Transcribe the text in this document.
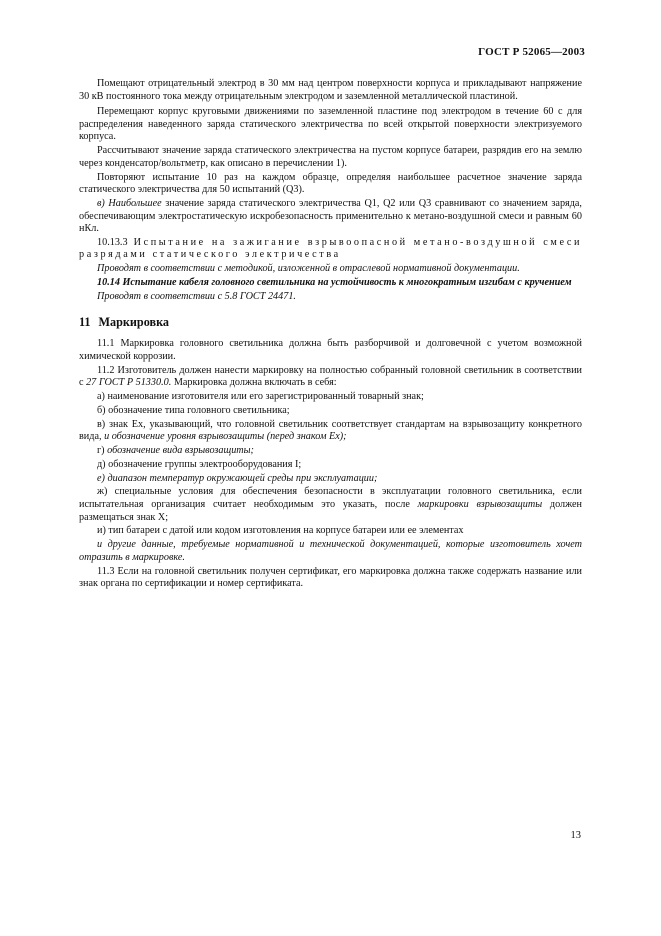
ГОСТ Р 52065—2003

Помещают отрицательный электрод в 30 мм над центром поверхности корпуса и прикладывают напряжение 30 кВ постоянного тока между отрицательным электродом и заземленной металлической пластиной.

Перемещают корпус круговыми движениями по заземленной пластине под электродом в течение 60 с для распределения наведенного заряда статического электричества по всей открытой поверхности электризуемого корпуса.

Рассчитывают значение заряда статического электричества на пустом корпусе батареи, разрядив его на землю через конденсатор/вольтметр, как описано в перечислении 1).

Повторяют испытание 10 раз на каждом образце, определяя наибольшее расчетное значение заряда статического электричества для 50 испытаний (Q3).

в) Наибольшее значение заряда статического электричества Q1, Q2 или Q3 сравнивают со значением заряда, обеспечивающим электростатическую искробезопасность применительно к метано-воздушной смеси и равным 60 нКл.

10.13.3 Испытание на зажигание взрывоопасной метано-воздушной смеси разрядами статического электричества

Проводят в соответствии с методикой, изложенной в отраслевой нормативной документации.

10.14 Испытание кабеля головного светильника на устойчивость к многократным изгибам с кручением

Проводят в соответствии с 5.8 ГОСТ 24471.

11 Маркировка

11.1 Маркировка головного светильника должна быть разборчивой и долговечной с учетом возможной химической коррозии.

11.2 Изготовитель должен нанести маркировку на полностью собранный головной светильник в соответствии с 27 ГОСТ Р 51330.0. Маркировка должна включать в себя:

а) наименование изготовителя или его зарегистрированный товарный знак;

б) обозначение типа головного светильника;

в) знак Ех, указывающий, что головной светильник соответствует стандартам на взрывозащиту конкретного вида, и обозначение уровня взрывозащиты (перед знаком Ex);

г) обозначение вида взрывозащиты;

д) обозначение группы электрооборудования I;

е) диапазон температур окружающей среды при эксплуатации;

ж) специальные условия для обеспечения безопасности в эксплуатации головного светильника, если испытательная организация считает необходимым это указать, после маркировки взрывозащиты должен размещаться знак X;

и) тип батареи с датой или кодом изготовления на корпусе батареи или ее элементах

и другие данные, требуемые нормативной и технической документацией, которые изготовитель хочет отразить в маркировке.

11.3 Если на головной светильник получен сертификат, его маркировка должна также содержать название или знак органа по сертификации и номер сертификата.

13
